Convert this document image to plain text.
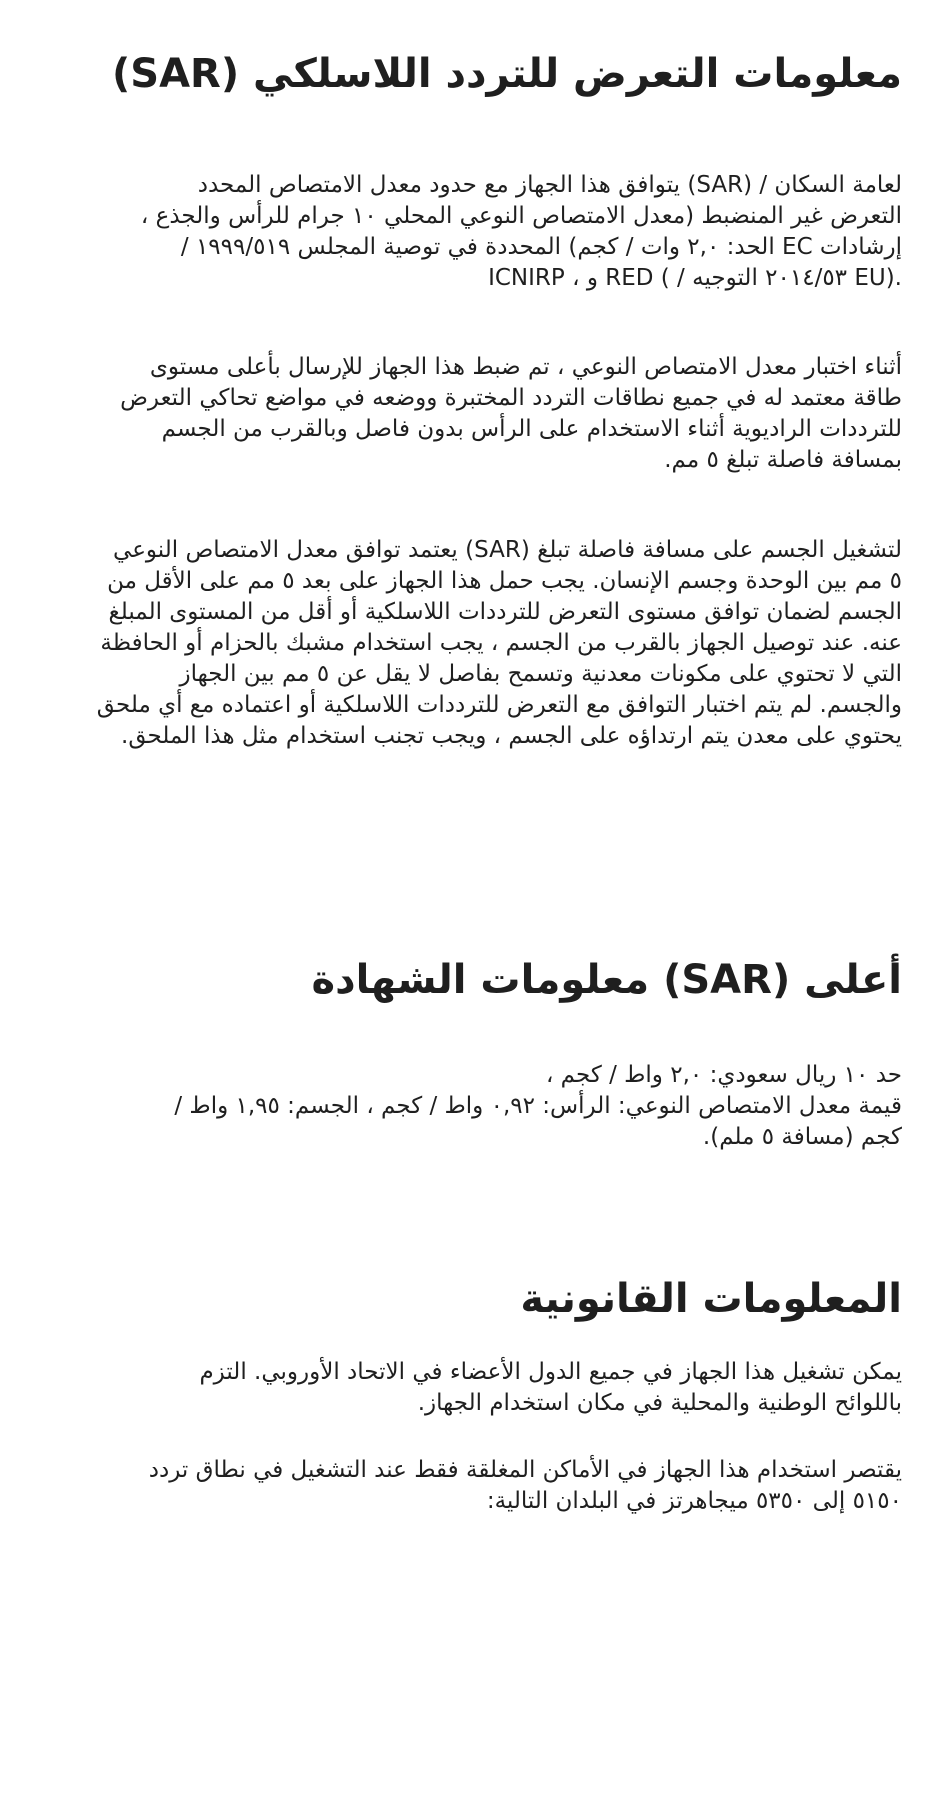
معلومات التعرض للتردد اللاسلكي (SAR)
لعامة السكان / (SAR) يتوافق هذا الجهاز مع حدود معدل الامتصاص المحدد
التعرض غير المنضبط (معدل الامتصاص النوعي المحلي ١٠ جرام للرأس والجذع ،
إرشادات EC الحد: ٢,٠ وات / كجم) المحددة في توصية المجلس ١٩٩٩/٥١٩ /
ICNIRP ، و RED ( / ٢٠١٤/٥٣ التوجيه EU).
أثناء اختبار معدل الامتصاص النوعي ، تم ضبط هذا الجهاز للإرسال بأعلى مستوى
طاقة معتمد له في جميع نطاقات التردد المختبرة ووضعه في مواضع تحاكي التعرض
للترددات الراديوية أثناء الاستخدام على الرأس بدون فاصل وبالقرب من الجسم
بمسافة فاصلة تبلغ ٥ مم.
لتشغيل الجسم على مسافة فاصلة تبلغ (SAR) يعتمد توافق معدل الامتصاص النوعي
٥ مم بين الوحدة وجسم الإنسان. يجب حمل هذا الجهاز على بعد ٥ مم على الأقل من
الجسم لضمان توافق مستوى التعرض للترددات اللاسلكية أو أقل من المستوى المبلغ
عنه. عند توصيل الجهاز بالقرب من الجسم ، يجب استخدام مشبك بالحزام أو الحافظة
التي لا تحتوي على مكونات معدنية وتسمح بفاصل لا يقل عن ٥ مم بين الجهاز
والجسم. لم يتم اختبار التوافق مع التعرض للترددات اللاسلكية أو اعتماده مع أي ملحق
يحتوي على معدن يتم ارتداؤه على الجسم ، ويجب تجنب استخدام مثل هذا الملحق.
أعلى (SAR) معلومات الشهادة
حد ١٠ ريال سعودي: ٢,٠ واط / كجم ،
قيمة معدل الامتصاص النوعي: الرأس: ٠,٩٢ واط / كجم ، الجسم: ١,٩٥ واط /
كجم (مسافة ٥ ملم).
المعلومات القانونية
يمكن تشغيل هذا الجهاز في جميع الدول الأعضاء في الاتحاد الأوروبي. التزم
باللوائح الوطنية والمحلية في مكان استخدام الجهاز.
يقتصر استخدام هذا الجهاز في الأماكن المغلقة فقط عند التشغيل في نطاق تردد
٥١٥٠ إلى ٥٣٥٠ ميجاهرتز في البلدان التالية:
